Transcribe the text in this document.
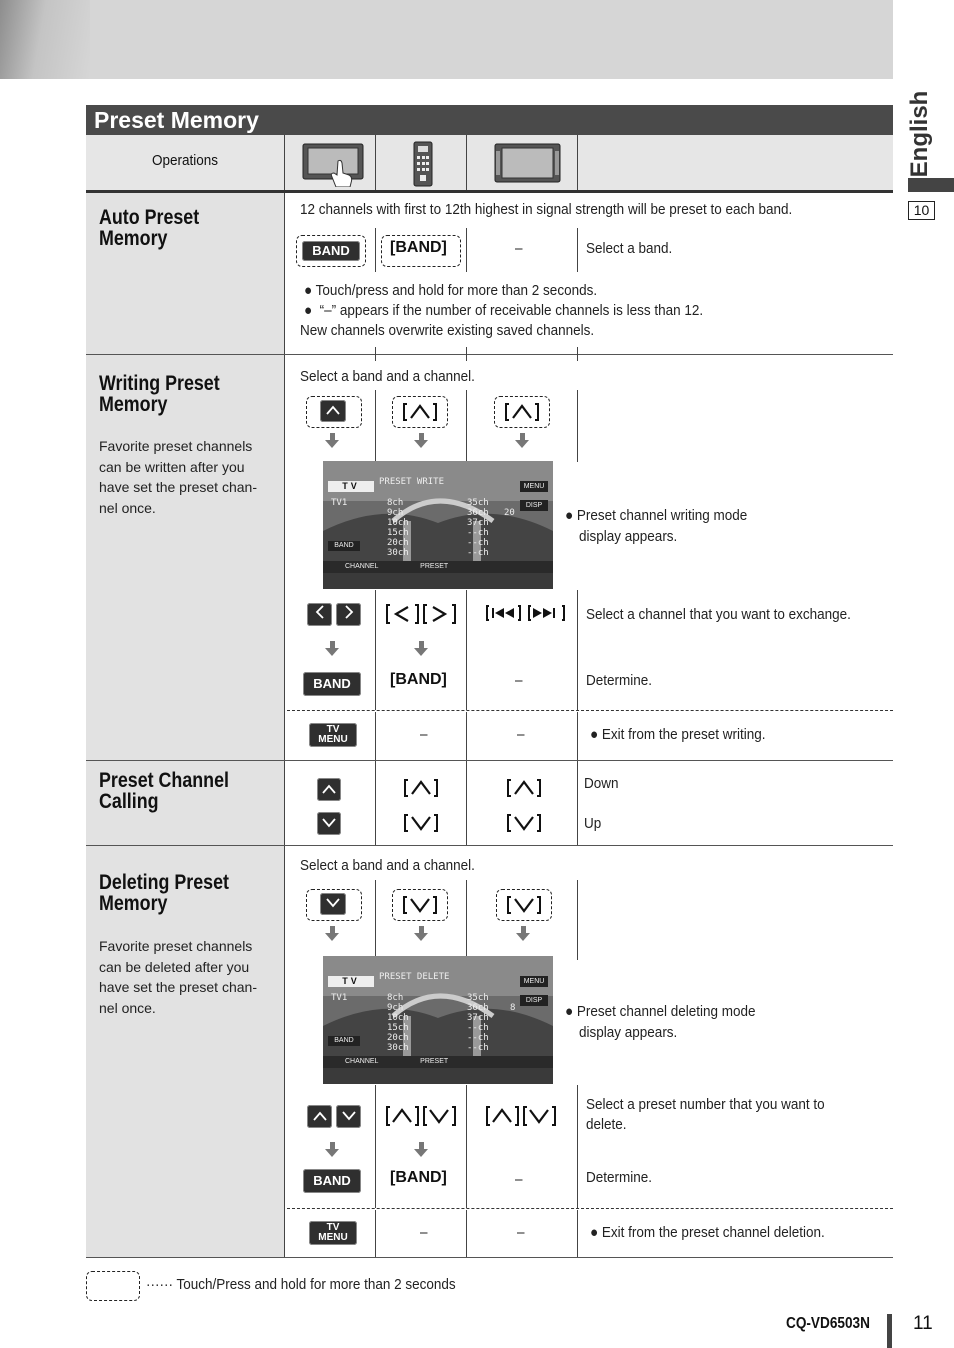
English
10
Preset Memory
Operations
Auto Preset
Memory
12 channels with first to 12th highest in signal strength will be preset to each band.
BAND	[BAND]	–	Select a band.
● Touch/press and hold for more than 2 seconds.
●  “–” appears if the number of receivable channels is less than 12.
New channels overwrite existing saved channels.
Writing Preset
Memory
Favorite preset channels
can be written after you
have set the preset chan-
nel once.
Select a band and a channel.
TV	PRESET WRITE
TV1	8ch
9ch
10ch
15ch
20ch
30ch
35ch
36ch
37ch
--ch
--ch
--ch
20
MENU
DISP
BAND
CHANNEL	PRESET
● Preset channel writing mode
display appears.
Select a channel that you want to exchange.
BAND	[BAND]	–	Determine.
TV MENU	–	–	● Exit from the preset writing.
Preset Channel
Calling
Down
Up
Deleting Preset
Memory
Favorite preset channels
can be deleted after you
have set the preset chan-
nel once.
Select a band and a channel.
TV	PRESET DELETE
TV1	8ch
9ch
10ch
15ch
20ch
30ch
35ch
36ch
37ch
--ch
--ch
--ch
8
MENU
DISP
BAND
CHANNEL	PRESET
● Preset channel deleting mode
display appears.
Select a preset number that you want to
delete.
BAND	[BAND]	–	Determine.
TV MENU	–	–	● Exit from the preset channel deletion.
······ Touch/Press and hold for more than 2 seconds
CQ-VD6503N 11
